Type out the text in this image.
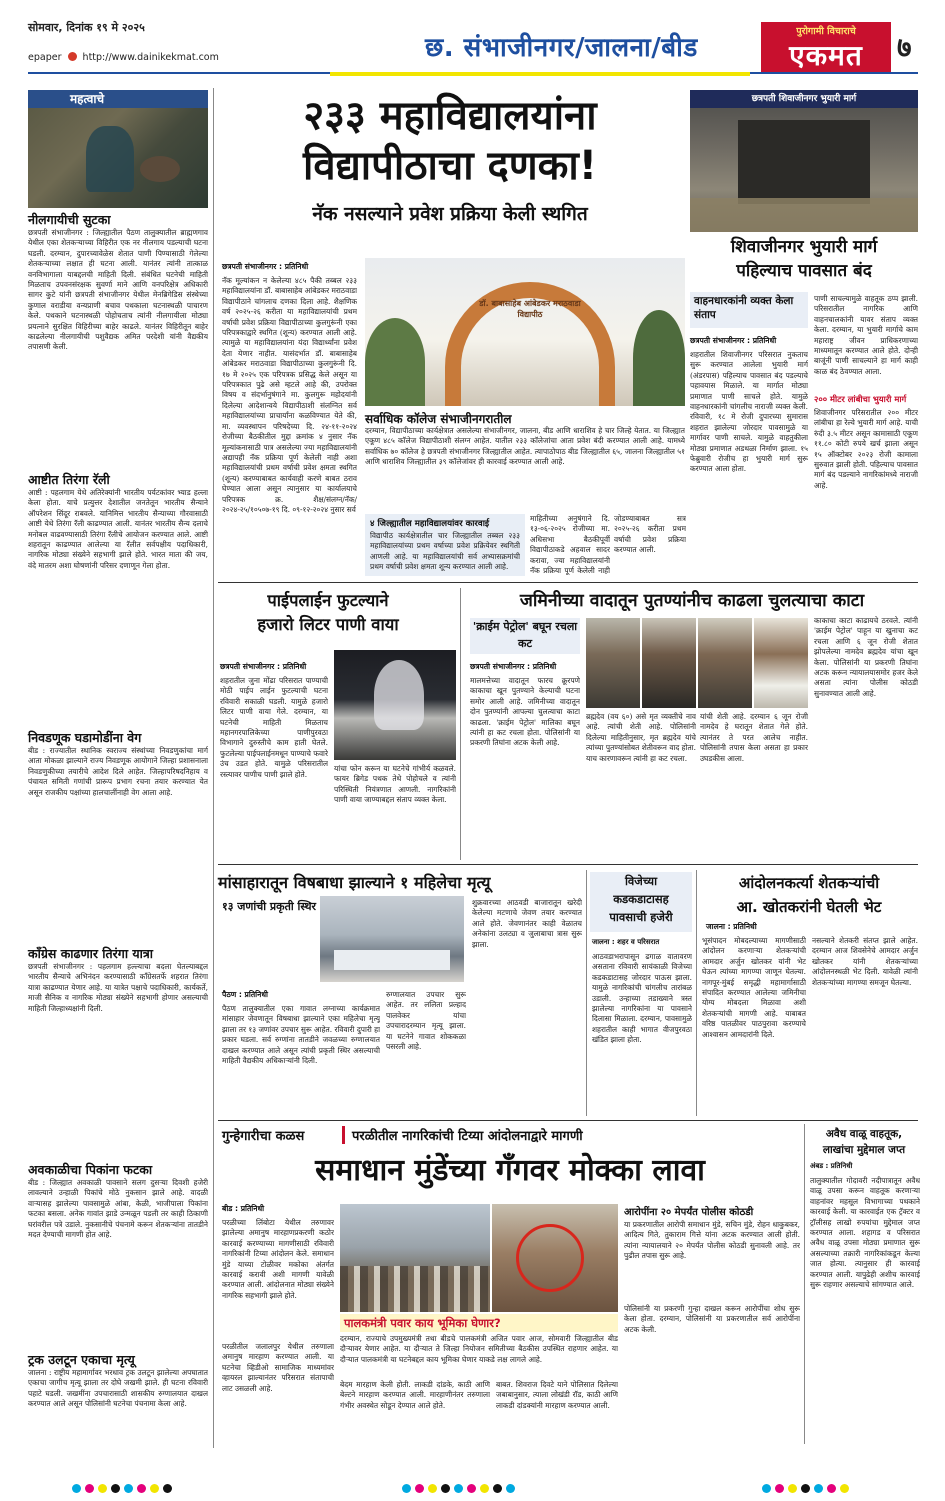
सोमवार, दिनांक १९ मे २०२५
epaper http://www.dainikekmat.com	छ. संभाजीनगर/जालना/बीड
पुरोगामी विचाराचे
एकमत	७
महत्वाचे
नीलगायीची सुटका
छत्रपती संभाजीनगर : जिल्ह्यातील पैठण तालुक्यातील ब्राह्मणगाव येथील एका शेतकऱ्याच्या विहिरीत एक नर नीलगाय पडल्याची घटना घडली. दरम्यान, दुपारच्यावेळेस शेतात पाणी पिण्यासाठी गेलेल्या शेतकऱ्याच्या लक्षात ही घटना आली. यानंतर त्यांनी तात्काळ वनविभागाला याबद्दलची माहिती दिली. संबंधित घटनेची माहिती मिळताच उपवनसंरक्षक सुवर्णा माने आणि वनपरिक्षेत्र अधिकारी सागर कुटे यांनी छत्रपती संभाजीनगर येथील मेनब्रिगेडिस संस्थेच्या कुणाल वराडीया वन्यप्राणी बचाव पथकाला घटनास्थळी पाचारण केले. पथकाने घटनास्थळी पोहोचताच त्यांनी नीलगायीला मोठ्या प्रयत्नाने सुरक्षित विहिरीच्या बाहेर काढले. यानंतर विहिरीतून बाहेर काढलेल्या नीलगायीची पशुवैद्यक अमित परदेशी यांनी वैद्यकीय तपासणी केली.
आष्टीत तिरंगा रॅली
आष्टी : पहलगाम येथे अतिरेक्यांनी भारतीय पर्यटकांवर भ्याड हल्ला केला होता. याचे प्रत्युत्तर देशातील जनतेतून भारतीय सैन्याने ऑपरेशन सिंदूर राबवले. यानिमित्त भारतीय सैन्याच्या गौरवासाठी आष्टी येथे तिरंगा रॅली काढण्यात आली. यानंतर भारतीय सैन्य दलाचे मनोबल वाढवण्यासाठी तिरंगा रॅलीचे आयोजन करण्यात आले. आष्टी शहरातून काढण्यात आलेल्या या रॅलीत सर्वपक्षीय पदाधिकारी, नागरिक मोठ्या संख्येने सहभागी झाले होते. भारत माता की जय, वंदे मातरम अशा घोषणांनी परिसर दणाणून गेला होता.
निवडणूक घडामोडींना वेग
बीड : राज्यातील स्थानिक स्वराज्य संस्थांच्या निवडणुकांचा मार्ग आता मोकळा झाल्याने राज्य निवडणूक आयोगाने जिल्हा प्रशासनाला निवडणुकीच्या तयारीचे आदेश दिले आहेत. जिल्हापरिषदनिहाय व पंचायत समिती गणांची प्रारूप प्रभाग रचना तयार करण्यात येत असून राजकीय पक्षांच्या हालचालींनाही वेग आला आहे.
कॉंग्रेस काढणार तिरंगा यात्रा
छत्रपती संभाजीनगर : पहलगाम हल्ल्याचा बदला घेतल्याबद्दल भारतीय सैन्याचे अभिनंदन करण्यासाठी काँग्रेसतर्फे शहरात तिरंगा यात्रा काढण्यात येणार आहे. या यात्रेत पक्षाचे पदाधिकारी, कार्यकर्ते, माजी सैनिक व नागरिक मोठ्या संख्येने सहभागी होणार असल्याची माहिती जिल्हाध्यक्षांनी दिली.
अवकाळीचा पिकांना फटका
बीड : जिल्ह्यात अवकाळी पावसाने सलग दुसऱ्या दिवशी हजेरी लावल्याने उन्हाळी पिकांचे मोठे नुकसान झाले आहे. वादळी वाऱ्यासह झालेल्या पावसामुळे आंबा, केळी, भाजीपाला पिकांना फटका बसला. अनेक गावांत झाडे उन्मळून पडली तर काही ठिकाणी घरांवरील पत्रे उडाले. नुकसानीचे पंचनामे करून शेतकऱ्यांना तातडीने मदत देण्याची मागणी होत आहे.
ट्रक उलटून एकाचा मृत्यू
जालना : राष्ट्रीय महामार्गावर भरधाव ट्रक उलटून झालेल्या अपघातात एकाचा जागीच मृत्यू झाला तर दोघे जखमी झाले. ही घटना रविवारी पहाटे घडली. जखमींना उपचारासाठी शासकीय रुग्णालयात दाखल करण्यात आले असून पोलिसांनी घटनेचा पंचनामा केला आहे.
२३३ महाविद्यालयांना
विद्यापीठाचा दणका!
नॅक नसल्याने प्रवेश प्रक्रिया केली स्थगित
छत्रपती संभाजीनगर : प्रतिनिधी
नॅक मूल्यांकन न केलेल्या ४८५ पैकी तब्बल २३३ महाविद्यालयांना डॉ. बाबासाहेब आंबेडकर मराठवाडा विद्यापीठाने चांगलाच दणका दिला आहे. शैक्षणिक वर्ष २०२५-२६ करीता या महाविद्यालयांची प्रथम वर्षाची प्रवेश प्रक्रिया विद्यापीठाच्या कुलगुरूंनी एका परिपत्रकाद्वारे स्थगित (शून्य) करण्यात आली आहे. त्यामुळे या महाविद्यालयांना यंदा विद्यार्थ्यांना प्रवेश देता येणार नाहीत. यासंदर्भात डॉ. बाबासाहेब आंबेडकर मराठवाडा विद्यापीठाच्या कुलगुरूंनी दि. १७ मे २०२५ एक परिपत्रक प्रसिद्ध केले असून या परिपत्रकात पुढे असे म्हटले आहे की, उपरोक्त विषय व संदर्भानुषंगाने मा. कुलगुरू महोदयांनी दिलेल्या आदेशान्वये विद्यापीठाशी संलग्नित सर्व महाविद्यालयांच्या प्राचार्यांना कळविण्यात येते की, मा. व्यवस्थापन परिषदेच्या दि. २४-११-२०२४ रोजीच्या बैठकीतील मुद्दा क्रमांक ४ नुसार नॅक मूल्यांकनासाठी पात्र असलेल्या ज्या महाविद्यालयांनी अद्यापही नॅक प्रक्रिया पूर्ण केलेली नाही अशा महाविद्यालयांची प्रथम वर्षाची प्रवेश क्षमता स्थगित (शून्य) करण्याबाबत कार्यवाही करणे बाबत ठराव घेण्यात आला असून त्यानुसार या कार्यालयाचे परिपत्रक क्र. शैक्ष/संलग्न/नॅक/२०२४-२५/१०५०७-१९ दि. ०९-१२-२०२४ नुसार सर्व
डॉ. बाबासाहेब आंबेडकर मराठवाडा विद्यापीठ
सर्वाधिक कॉलेज संभाजीनगरातील
दरम्यान, विद्यापीठाच्या कार्यक्षेत्रात असलेल्या संभाजीनगर, जालना, बीड आणि धाराशिव हे चार जिल्हे येतात. या जिल्ह्यात एकूण ४८५ कॉलेज विद्यापीठाशी संलग्न आहेत. यातील २३३ कॉलेजांचा आता प्रवेश बंदी करण्यात आली आहे. यामध्ये सर्वाधिक ७० कॉलेज हे छत्रपती संभाजीनगर जिल्ह्यातील आहेत. त्यापाठोपाठ बीड जिल्ह्यातील ६५, जालना जिल्ह्यातील ५१ आणि धाराशिव जिल्ह्यातील ३९ कॉलेजांवर ही कारवाई करण्यात आली आहे.
४ जिल्ह्यातील महाविद्यालयांवर कारवाई
विद्यापीठ कार्यक्षेत्रातील चार जिल्ह्यातील तब्बल २३३ महाविद्यालयांच्या प्रथम वर्षाच्या प्रवेश प्रक्रियेवर स्थगिती आणली आहे. या महाविद्यालयांची सर्व अभ्यासक्रमांची प्रथम वर्षाची प्रवेश क्षमता शून्य करण्यात आली आहे.
माहितीच्या अनुषंगाने दि. १३-०६-२०२५ रोजीच्या मा. अधिसभा बैठकीपूर्वी विद्यापीठाकडे अहवाल सादर करावा, ज्या महाविद्यालयांनी नॅक प्रक्रिया पूर्ण केलेली नाही
जोडण्याबाबत सत्र २०२५-२६ करीता प्रथम वर्षाची प्रवेश प्रक्रिया करण्यात आली.
छत्रपती शिवाजीनगर भुयारी मार्ग
शिवाजीनगर भुयारी मार्ग
पहिल्याच पावसात बंद
वाहनधारकांनी व्यक्त केला संताप
छत्रपती संभाजीनगर : प्रतिनिधी
शहरातील शिवाजीनगर परिसरात नुकताच सुरू करण्यात आलेला भुयारी मार्ग (अंडरपास) पहिल्याच पावसात बंद पडल्याचे पहावयास मिळाले. या मार्गात मोठ्या प्रमाणात पाणी साचले होते. यामुळे वाहनधारकांनी चांगलीच नाराजी व्यक्त केली. रविवारी, १८ मे रोजी दुपारच्या सुमारास शहरात झालेल्या जोरदार पावसामुळे या मार्गावर पाणी साचले. यामुळे वाहतुकीला मोठ्या प्रमाणात अडथळा निर्माण झाला. १५ फेब्रुवारी रोजीच हा भुयारी मार्ग सुरू करण्यात आला होता.
पाणी साचल्यामुळे वाहतूक ठप्प झाली. परिसरातील नागरिक आणि वाहनचालकांनी यावर संताप व्यक्त केला. दरम्यान, या भुयारी मार्गाचे काम महाराष्ट्र जीवन प्राधिकरणाच्या माध्यमातून करण्यात आले होते. दोन्ही बाजूंनी पाणी साचल्याने हा मार्ग काही काळ बंद ठेवण्यात आला.
२०० मीटर लांबीचा भुयारी मार्ग
शिवाजीनगर परिसरातील २०० मीटर लांबीचा हा रेल्वे भुयारी मार्ग आहे. याची रुंदी ३.५ मीटर असून कामासाठी एकूण ११.८० कोटी रुपये खर्च झाला असून १५ ऑक्टोबर २०२३ रोजी कामाला सुरुवात झाली होती. पहिल्याच पावसात मार्ग बंद पडल्याने नागरिकांमध्ये नाराजी आहे.
पाईपलाईन फुटल्याने
हजारो लिटर पाणी वाया
छत्रपती संभाजीनगर : प्रतिनिधी
शहरातील जुना मोंढा परिसरात पाण्याची मोठी पाईप लाईन फुटल्याची घटना रविवारी सकाळी घडली. यामुळे हजारो लिटर पाणी वाया गेले. दरम्यान, या घटनेची माहिती मिळताच महानगरपालिकेच्या पाणीपुरवठा विभागाने दुरुस्तीचे काम हाती घेतले. फुटलेल्या पाईपलाईनमधून पाण्याचे फवारे उंच उडत होते. यामुळे परिसरातील रस्त्यावर पाणीच पाणी झाले होते.
यांचा फोन करून या घटनेचे गांभीर्य कळवले. फायर ब्रिगेड पथक तेथे पोहोचले व त्यांनी परिस्थिती नियंत्रणात आणली. नागरिकांनी पाणी वाया जाण्याबद्दल संताप व्यक्त केला.
जमिनीच्या वादातून पुतण्यांनीच काढला चुलत्याचा काटा
'क्राईम पेट्रोल' बघून रचला कट
छत्रपती संभाजीनगर : प्रतिनिधी
मालमत्तेच्या वादातून फारच क्रूरपणे काकाचा खून पुतण्याने केल्याची घटना समोर आली आहे. जमिनीच्या वादातून दोन पुतण्यांनी आपल्या चुलत्याचा काटा काढला. 'क्राईम पेट्रोल' मालिका बघून त्यांनी हा कट रचला होता. पोलिसांनी या प्रकरणी तिघांना अटक केली आहे.
ब्रह्मदेव (वय ६०) असे मृत व्यक्तीचे नाव आहे. त्यांची शेती आहे. पोलिसांनी दिलेल्या माहितीनुसार, मृत ब्रह्मदेव यांचे त्यांच्या पुतण्यांसोबत शेतीवरून वाद होता. याच कारणावरून त्यांनी हा कट रचला.
यांची शेती आहे. दरम्यान ६ जून रोजी नामदेव हे घरातून शेतात गेले होते. त्यानंतर ते परत आलेच नाहीत. पोलिसांनी तपास केला असता हा प्रकार उघडकीस आला.
काकाचा काटा काढायचे ठरवले. त्यांनी 'क्राईम पेट्रोल' पाहून या खुनाचा कट रचला आणि ६ जून रोजी शेतात झोपलेल्या नामदेव ब्रह्मदेव यांचा खून केला. पोलिसांनी या प्रकरणी तिघांना अटक करून न्यायालयासमोर हजर केले असता त्यांना पोलीस कोठडी सुनावण्यात आली आहे.
मांसाहारातून विषबाधा झाल्याने १ महिलेचा मृत्यू
१३ जणांची प्रकृती स्थिर
पैठण : प्रतिनिधी
पैठण तालुक्यातील एका गावात लग्नाच्या कार्यक्रमात मांसाहार जेवणातून विषबाधा झाल्याने एका महिलेचा मृत्यू झाला तर १३ जणांवर उपचार सुरू आहेत. रविवारी दुपारी हा प्रकार घडला. सर्व रुग्णांना तातडीने जवळच्या रुग्णालयात दाखल करण्यात आले असून त्यांची प्रकृती स्थिर असल्याची माहिती वैद्यकीय अधिकाऱ्यांनी दिली.
रुग्णालयात उपचार सुरू आहेत. तर ललिता प्रल्हाद पालवेकर यांचा उपचारादरम्यान मृत्यू झाला. या घटनेने गावात शोककळा पसरली आहे.
शुक्रवारच्या आठवडी बाजारातून खरेदी केलेल्या मटणाचे जेवण तयार करण्यात आले होते. जेवणानंतर काही वेळातच अनेकांना उलट्या व जुलाबाचा त्रास सुरू झाला.
विजेच्या
कडकडाटासह
पावसाची हजेरी
जालना : शहर व परिसरात
आठवडाभरापासून ढगाळ वातावरण असताना रविवारी सायंकाळी विजेच्या कडकडाटासह जोरदार पाऊस झाला. यामुळे नागरिकांची चांगलीच तारांबळ उडाली. उन्हाच्या तडाख्याने त्रस्त झालेल्या नागरिकांना या पावसाने दिलासा मिळाला. दरम्यान, पावसामुळे शहरातील काही भागात वीजपुरवठा खंडित झाला होता.
आंदोलनकर्त्या शेतकऱ्यांची
आ. खोतकरांनी घेतली भेट
जालना : प्रतिनिधी
भूसंपादन मोबदल्याच्या मागणीसाठी आंदोलन करणाऱ्या शेतकऱ्यांची आमदार अर्जुन खोतकर यांनी भेट घेऊन त्यांच्या मागण्या जाणून घेतल्या. नागपूर-मुंबई समृद्धी महामार्गासाठी संपादित करण्यात आलेल्या जमिनीचा योग्य मोबदला मिळावा अशी शेतकऱ्यांची मागणी आहे. याबाबत वरिष्ठ पातळीवर पाठपुरावा करण्याचे आश्वासन आमदारांनी दिले.
नसल्याने शेतकरी संतप्त झाले आहेत. दरम्यान आज शिवसेनेचे आमदार अर्जुन खोतकर यांनी शेतकऱ्यांच्या आंदोलनस्थळी भेट दिली. यावेळी त्यांनी शेतकऱ्यांच्या मागण्या समजून घेतल्या.
गुन्हेगारीचा कळस	परळीतील नागरिकांची टिय्या आंदोलनाद्वारे मागणी
समाधान मुंडेंच्या गँगवर मोक्का लावा
बीड : प्रतिनिधी
परळीच्या लिंबोटा येथील तरुणावर झालेल्या अमानुष मारहाणप्रकरणी कठोर कारवाई करण्याच्या मागणीसाठी रविवारी नागरिकांनी टिय्या आंदोलन केले. समाधान मुंडे याच्या टोळीवर मकोका अंतर्गत कारवाई करावी अशी मागणी यावेळी करण्यात आली. आंदोलनात मोठ्या संख्येने नागरिक सहभागी झाले होते.
परळीतील जलालपुर येथील तरुणाला अमानुष मारहाण करण्यात आली. या घटनेचा व्हिडीओ सामाजिक माध्यमांवर व्हायरल झाल्यानंतर परिसरात संतापाची लाट उसळली आहे.
पालकमंत्री पवार काय भूमिका घेणार?
दरम्यान, राज्याचे उपमुख्यमंत्री तथा बीडचे पालकमंत्री अजित पवार आज, सोमवारी जिल्ह्यातील बीड दौऱ्यावर येणार आहेत. या दौऱ्यात ते जिल्हा नियोजन समितीच्या बैठकीस उपस्थित राहणार आहेत. या दौऱ्यात पालकमंत्री या घटनेबद्दल काय भूमिका घेणार याकडे लक्ष लागले आहे.
बेदम मारहाण केली होती. लाकडी दांडके, काठी आणि बेल्टने मारहाण करण्यात आली. मारहाणीनंतर तरुणाला गंभीर अवस्थेत सोडून देण्यात आले होते.
बाबत. शिवराज दिवटे याने पोलिसात दिलेल्या जबाबानुसार, त्याला लोखंडी रॉड, काठी आणि लाकडी दांडक्यांनी मारहाण करण्यात आली.
आरोपींना २० मेपर्यंत पोलीस कोठडी
या प्रकरणातील आरोपी समाधान मुंडे, सचिन मुंडे, रोहन धाकुबकर, आदित्य गिते, तुकाराम गित्ते यांना अटक करण्यात आली होती. त्यांना न्यायालयाने २० मेपर्यंत पोलीस कोठडी सुनावली आहे. तर पुढील तपास सुरू आहे.
पोलिसांनी या प्रकरणी गुन्हा दाखल करून आरोपींचा शोध सुरू केला होता. दरम्यान, पोलिसांनी या प्रकरणातील सर्व आरोपींना अटक केली.
अवैध वाळू वाहतूक,
लाखांचा मुद्देमाल जप्त
अंबड : प्रतिनिधी
तालुक्यातील गोदावरी नदीपात्रातून अवैध वाळू उपसा करून वाहतूक करणाऱ्या वाहनांवर महसूल विभागाच्या पथकाने कारवाई केली. या कारवाईत एक ट्रॅक्टर व ट्रॉलीसह लाखो रुपयांचा मुद्देमाल जप्त करण्यात आला. शहागड व परिसरात अवैध वाळू उपसा मोठ्या प्रमाणात सुरू असल्याच्या तक्रारी नागरिकांकडून केल्या जात होत्या. त्यानुसार ही कारवाई करण्यात आली. यापुढेही अशीच कारवाई सुरू राहणार असल्याचे सांगण्यात आले.
